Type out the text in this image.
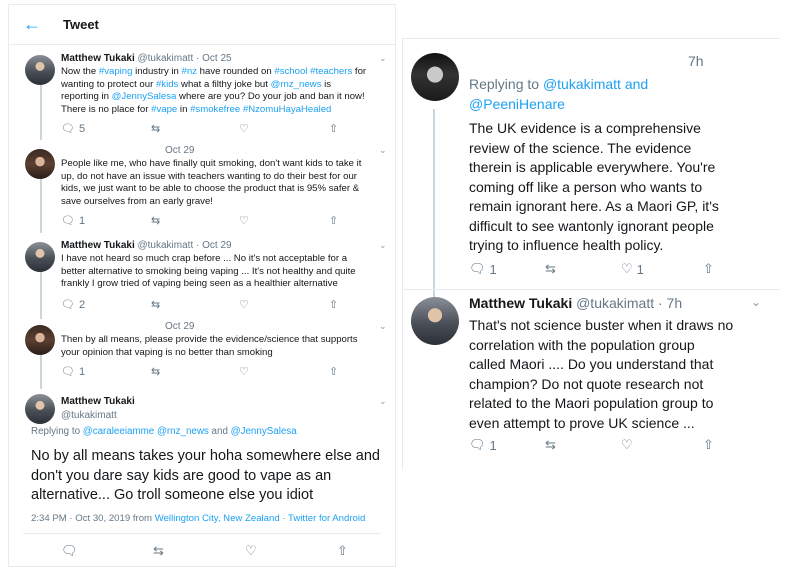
←	Tweet
Matthew Tukaki @tukakimatt · Oct 25	⌄
Now the #vaping industry in #nz have rounded on #school #teachers for
wanting to protect our #kids what a filthy joke but @rnz_news is
reporting in @JennySalesa where are you? Do your job and ban it now!
There is no place for #vape in #smokefree #NzomuHayaHealed
🗨 5	⇆	♡	⇧
Oct 29	⌄
People like me, who have finally quit smoking, don't want kids to take it
up, do not have an issue with teachers wanting to do their best for our
kids, we just want to be able to choose the product that is 95% safer &
save ourselves from an early grave!
🗨 1	⇆	♡	⇧
Matthew Tukaki @tukakimatt · Oct 29	⌄
I have not heard so much crap before ... No it's not acceptable for a
better alternative to smoking being vaping ... It's not healthy and quite
frankly I grow tried of vaping being seen as a healthier alternative
🗨 2	⇆	♡	⇧
Oct 29	⌄
Then by all means, please provide the evidence/science that supports
your opinion that vaping is no better than smoking
🗨 1	⇆	♡	⇧
Matthew Tukaki
@tukakimatt
⌄
Replying to @caraleeiamme @rnz_news and @JennySalesa
No by all means takes your hoha somewhere else and
don't you dare say kids are good to vape as an
alternative... Go troll someone else you idiot
2:34 PM · Oct 30, 2019 from Wellington City, New Zealand · Twitter for Android
🗨	⇆	♡	⇧
7h
Replying to @tukakimatt and
@PeeniHenare
The UK evidence is a comprehensive
review of the science. The evidence
therein is applicable everywhere. You're
coming off like a person who wants to
remain ignorant here. As a Maori GP, it's
difficult to see wantonly ignorant people
trying to influence health policy.
🗨 1	⇆	♡ 1	⇧
Matthew Tukaki @tukakimatt · 7h	⌄
That's not science buster when it draws no
correlation with the population group
called Maori .... Do you understand that
champion? Do not quote research not
related to the Maori population group to
even attempt to prove UK science ...
🗨 1	⇆	♡	⇧
